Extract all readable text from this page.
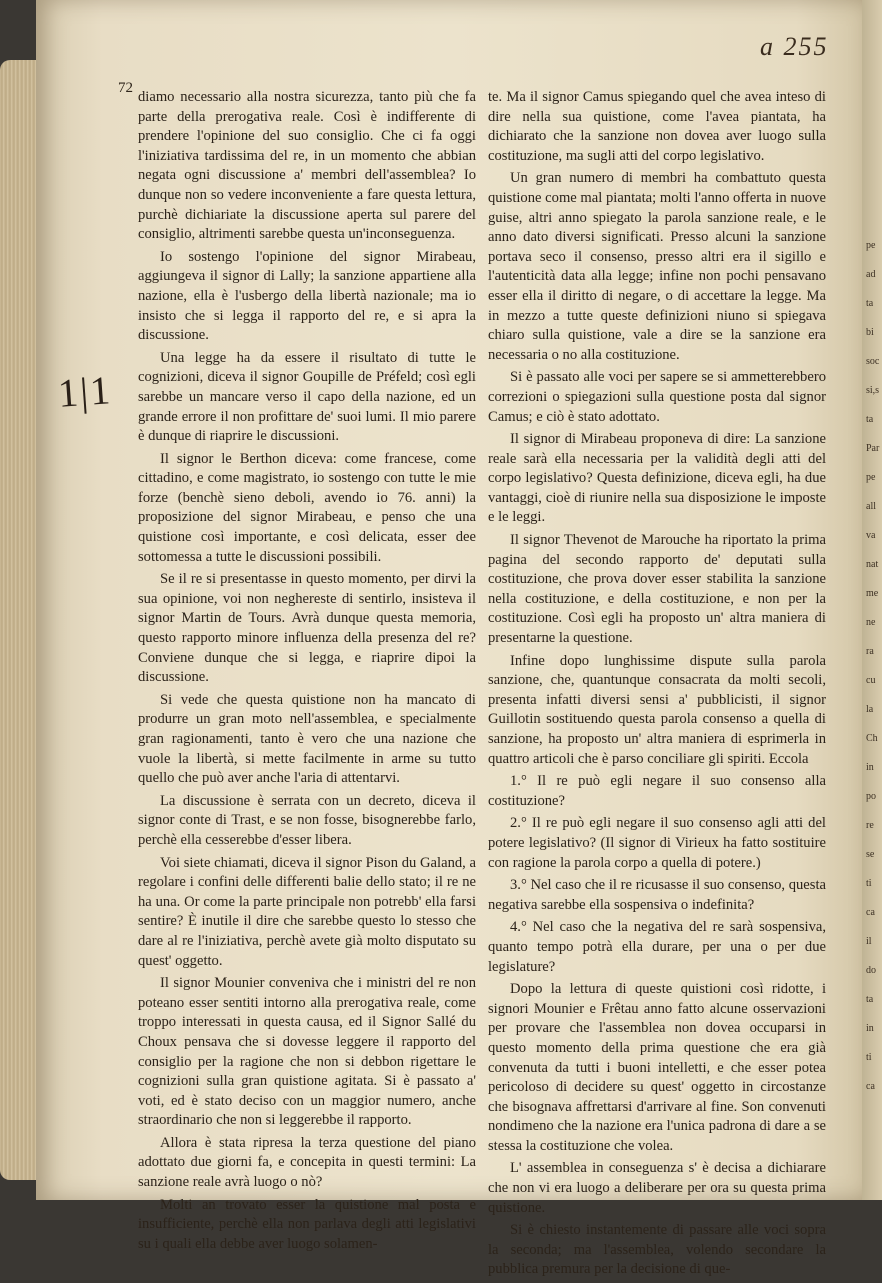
pe
ad
ta
bi
soc
si,s
ta
Par
pe
all
va
nat
me
ne
ra
cu
la
Ch
in
po
re
se
ti
ca
il
do
ta
in
ti
ca
a 255
72
1|1

diamo necessario alla nostra sicurezza, tanto più che fa parte della prerogativa reale. Così è indifferente di prendere l'opinione del suo consiglio. Che ci fa oggi l'iniziativa tardissima del re, in un momento che abbian negata ogni discussione a' membri dell'assemblea? Io dunque non so vedere inconveniente a fare questa lettura, purchè dichiariate la discussione aperta sul parere del consiglio, altrimenti sarebbe questa un'inconseguenza.

Io sostengo l'opinione del signor Mirabeau, aggiungeva il signor di Lally; la sanzione appartiene alla nazione, ella è l'usbergo della libertà nazionale; ma io insisto che si legga il rapporto del re, e si apra la discussione.

Una legge ha da essere il risultato di tutte le cognizioni, diceva il signor Goupille de Préfeld; così egli sarebbe un mancare verso il capo della nazione, ed un grande errore il non profittare de' suoi lumi. Il mio parere è dunque di riaprire le discussioni.

Il signor le Berthon diceva: come francese, come cittadino, e come magistrato, io sostengo con tutte le mie forze (benchè sieno deboli, avendo io 76. anni) la proposizione del signor Mirabeau, e penso che una quistione così importante, e così delicata, esser dee sottomessa a tutte le discussioni possibili.

Se il re si presentasse in questo momento, per dirvi la sua opinione, voi non neghereste di sentirlo, insisteva il signor Martin de Tours. Avrà dunque questa memoria, questo rapporto minore influenza della presenza del re? Conviene dunque che si legga, e riaprire dipoi la discussione.

Si vede che questa quistione non ha mancato di produrre un gran moto nell'assemblea, e specialmente gran ragionamenti, tanto è vero che una nazione che vuole la libertà, si mette facilmente in arme su tutto quello che può aver anche l'aria di attentarvi.

La discussione è serrata con un decreto, diceva il signor conte di Trast, e se non fosse, bisognerebbe farlo, perchè ella cesserebbe d'esser libera.

Voi siete chiamati, diceva il signor Pison du Galand, a regolare i confini delle differenti balie dello stato; il re ne ha una. Or come la parte principale non potrebb' ella farsi sentire? È inutile il dire che sarebbe questo lo stesso che dare al re l'iniziativa, perchè avete già molto disputato su quest' oggetto.

Il signor Mounier conveniva che i ministri del re non poteano esser sentiti intorno alla prerogativa reale, come troppo interessati in questa causa, ed il Signor Sallé du Choux pensava che si dovesse leggere il rapporto del consiglio per la ragione che non si debbon rigettare le cognizioni sulla gran quistione agitata. Si è passato a' voti, ed è stato deciso con un maggior numero, anche straordinario che non si leggerebbe il rapporto.

Allora è stata ripresa la terza questione del piano adottato due giorni fa, e concepita in questi termini: La sanzione reale avrà luogo o nò?

Molti an trovato esser la quistione mal posta e insufficiente, perchè ella non parlava degli atti legislativi su i quali ella debbe aver luogo solamen-

te. Ma il signor Camus spiegando quel che avea inteso di dire nella sua quistione, come l'avea piantata, ha dichiarato che la sanzione non dovea aver luogo sulla costituzione, ma sugli atti del corpo legislativo.

Un gran numero di membri ha combattuto questa quistione come mal piantata; molti l'anno offerta in nuove guise, altri anno spiegato la parola sanzione reale, e le anno dato diversi significati. Presso alcuni la sanzione portava seco il consenso, presso altri era il sigillo e l'autenticità data alla legge; infine non pochi pensavano esser ella il diritto di negare, o di accettare la legge. Ma in mezzo a tutte queste definizioni niuno si spiegava chiaro sulla quistione, vale a dire se la sanzione era necessaria o no alla costituzione.

Si è passato alle voci per sapere se si ammetterebbero correzioni o spiegazioni sulla questione posta dal signor Camus; e ciò è stato adottato.

Il signor di Mirabeau proponeva di dire: La sanzione reale sarà ella necessaria per la validità degli atti del corpo legislativo? Questa definizione, diceva egli, ha due vantaggi, cioè di riunire nella sua disposizione le imposte e le leggi.

Il signor Thevenot de Marouche ha riportato la prima pagina del secondo rapporto de' deputati sulla costituzione, che prova dover esser stabilita la sanzione nella costituzione, e della costituzione, e non per la costituzione. Così egli ha proposto un' altra maniera di presentarne la questione.

Infine dopo lunghissime dispute sulla parola sanzione, che, quantunque consacrata da molti secoli, presenta infatti diversi sensi a' pubblicisti, il signor Guillotin sostituendo questa parola consenso a quella di sanzione, ha proposto un' altra maniera di esprimerla in quattro articoli che è parso conciliare gli spiriti. Eccola

1.° Il re può egli negare il suo consenso alla costituzione?

2.° Il re può egli negare il suo consenso agli atti del potere legislativo? (Il signor di Virieux ha fatto sostituire con ragione la parola corpo a quella di potere.)

3.° Nel caso che il re ricusasse il suo consenso, questa negativa sarebbe ella sospensiva o indefinita?

4.° Nel caso che la negativa del re sarà sospensiva, quanto tempo potrà ella durare, per una o per due legislature?

Dopo la lettura di queste quistioni così ridotte, i signori Mounier e Frêtau anno fatto alcune osservazioni per provare che l'assemblea non dovea occuparsi in questo momento della prima questione che era già convenuta da tutti i buoni intelletti, e che esser potea pericoloso di decidere su quest' oggetto in circostanze che bisognava affrettarsi d'arrivare al fine. Son convenuti nondimeno che la nazione era l'unica padrona di dare a se stessa la costituzione che volea.

L' assemblea in conseguenza s' è decisa a dichiarare che non vi era luogo a deliberare per ora su questa prima quistione.

Si è chiesto instantemente di passare alle voci sopra la seconda; ma l'assemblea, volendo secondare la pubblica premura per la decisione di que-
